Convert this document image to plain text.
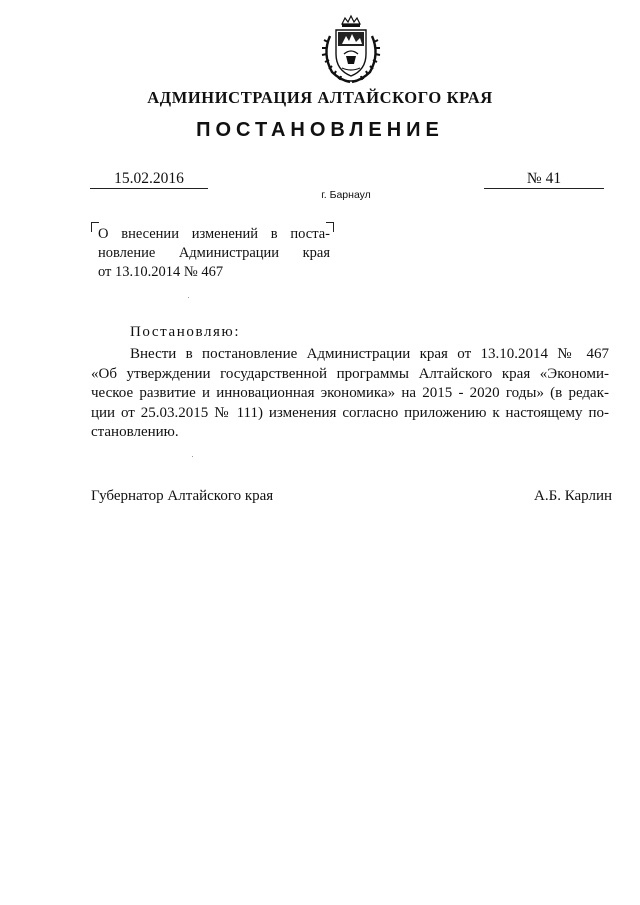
АДМИНИСТРАЦИЯ АЛТАЙСКОГО КРАЯ
ПОСТАНОВЛЕНИЕ
15.02.2016	№ 41
г. Барнаул
О внесении изменений в поста-
новление Администрации края
от 13.10.2014 № 467
Постановляю:
Внести в постановление Администрации края от 13.10.2014 № 467
«Об утверждении государственной программы Алтайского края «Экономи-
ческое развитие и инновационная экономика» на 2015 - 2020 годы» (в редак-
ции от 25.03.2015 № 111) изменения согласно приложению к настоящему по-
становлению.
Губернатор Алтайского края	А.Б. Карлин
